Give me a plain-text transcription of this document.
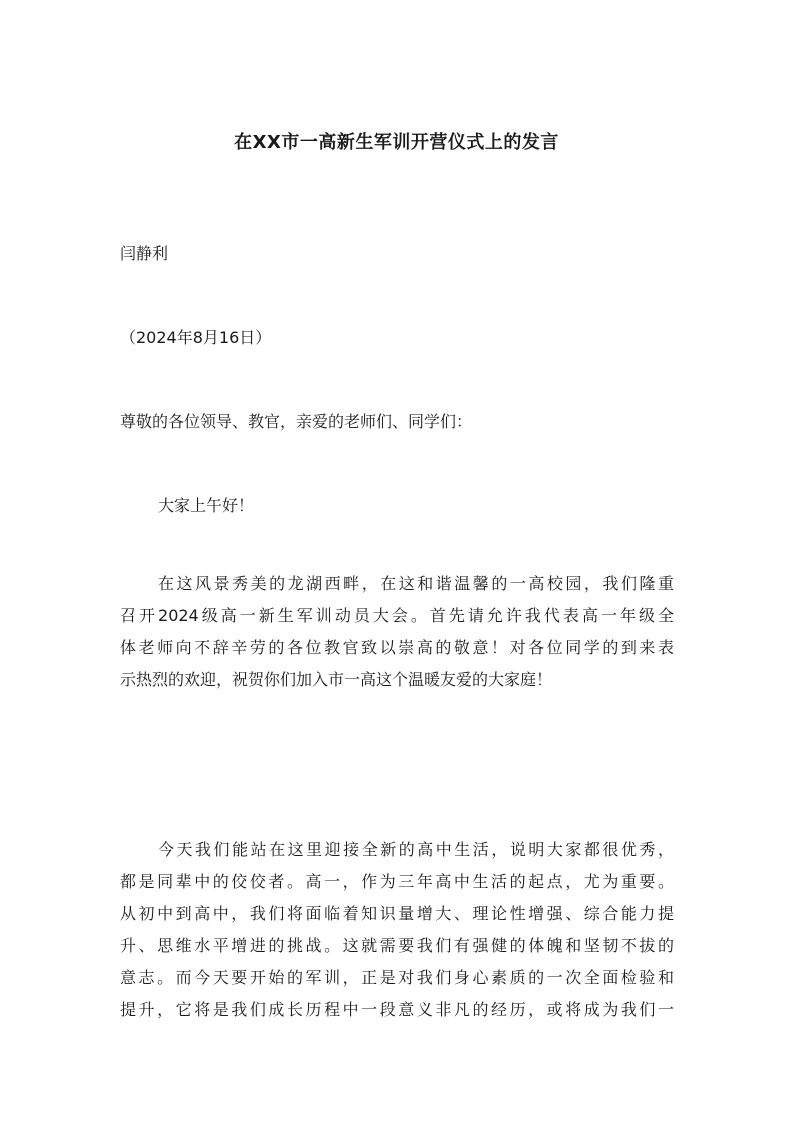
在XX市一高新生军训开营仪式上的发言
闫静利
（2024年8月16日）
尊敬的各位领导、教官，亲爱的老师们、同学们：
大家上午好！
在这风景秀美的龙湖西畔，在这和谐温馨的一高校园，我们隆重
召开2024级高一新生军训动员大会。首先请允许我代表高一年级全
体老师向不辞辛劳的各位教官致以崇高的敬意！对各位同学的到来表
示热烈的欢迎，祝贺你们加入市一高这个温暖友爱的大家庭！
今天我们能站在这里迎接全新的高中生活，说明大家都很优秀，
都是同辈中的佼佼者。高一，作为三年高中生活的起点，尤为重要。
从初中到高中，我们将面临着知识量增大、理论性增强、综合能力提
升、思维水平增进的挑战。这就需要我们有强健的体魄和坚韧不拔的
意志。而今天要开始的军训，正是对我们身心素质的一次全面检验和
提升，它将是我们成长历程中一段意义非凡的经历，或将成为我们一
